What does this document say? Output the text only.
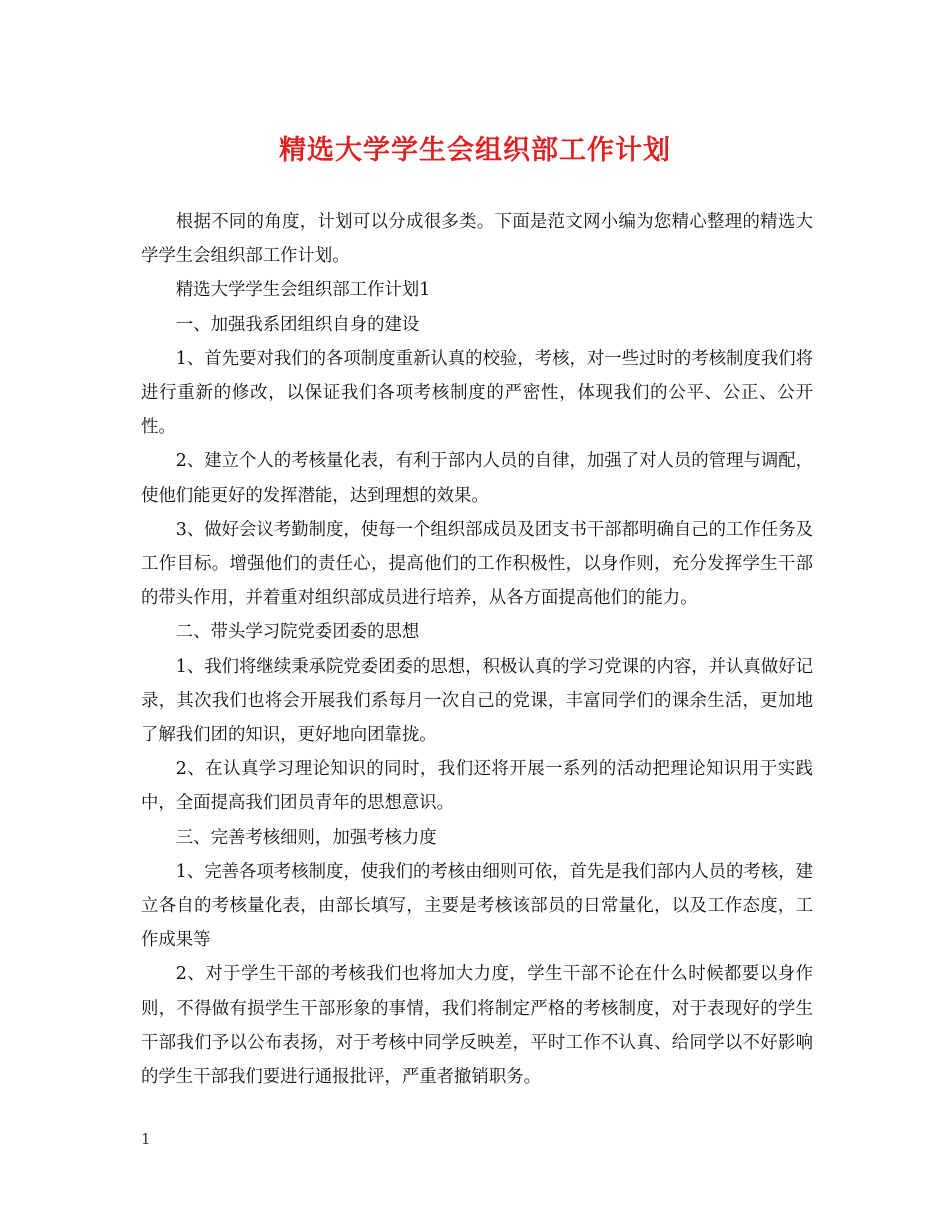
精选大学学生会组织部工作计划

根据不同的角度，计划可以分成很多类。下面是范文网小编为您精心整理的精选大学学生会组织部工作计划。

精选大学学生会组织部工作计划1

一、加强我系团组织自身的建设

1、首先要对我们的各项制度重新认真的校验，考核，对一些过时的考核制度我们将进行重新的修改，以保证我们各项考核制度的严密性，体现我们的公平、公正、公开性。

2、建立个人的考核量化表，有利于部内人员的自律，加强了对人员的管理与调配，使他们能更好的发挥潜能，达到理想的效果。

3、做好会议考勤制度，使每一个组织部成员及团支书干部都明确自己的工作任务及工作目标。增强他们的责任心，提高他们的工作积极性，以身作则，充分发挥学生干部的带头作用，并着重对组织部成员进行培养，从各方面提高他们的能力。

二、带头学习院党委团委的思想

1、我们将继续秉承院党委团委的思想，积极认真的学习党课的内容，并认真做好记录，其次我们也将会开展我们系每月一次自己的党课，丰富同学们的课余生活，更加地了解我们团的知识，更好地向团靠拢。

2、在认真学习理论知识的同时，我们还将开展一系列的活动把理论知识用于实践中，全面提高我们团员青年的思想意识。

三、完善考核细则，加强考核力度

1、完善各项考核制度，使我们的考核由细则可依，首先是我们部内人员的考核，建立各自的考核量化表，由部长填写，主要是考核该部员的日常量化，以及工作态度，工作成果等

2、对于学生干部的考核我们也将加大力度，学生干部不论在什么时候都要以身作则，不得做有损学生干部形象的事情，我们将制定严格的考核制度，对于表现好的学生干部我们予以公布表扬，对于考核中同学反映差，平时工作不认真、给同学以不好影响的学生干部我们要进行通报批评，严重者撤销职务。

1
